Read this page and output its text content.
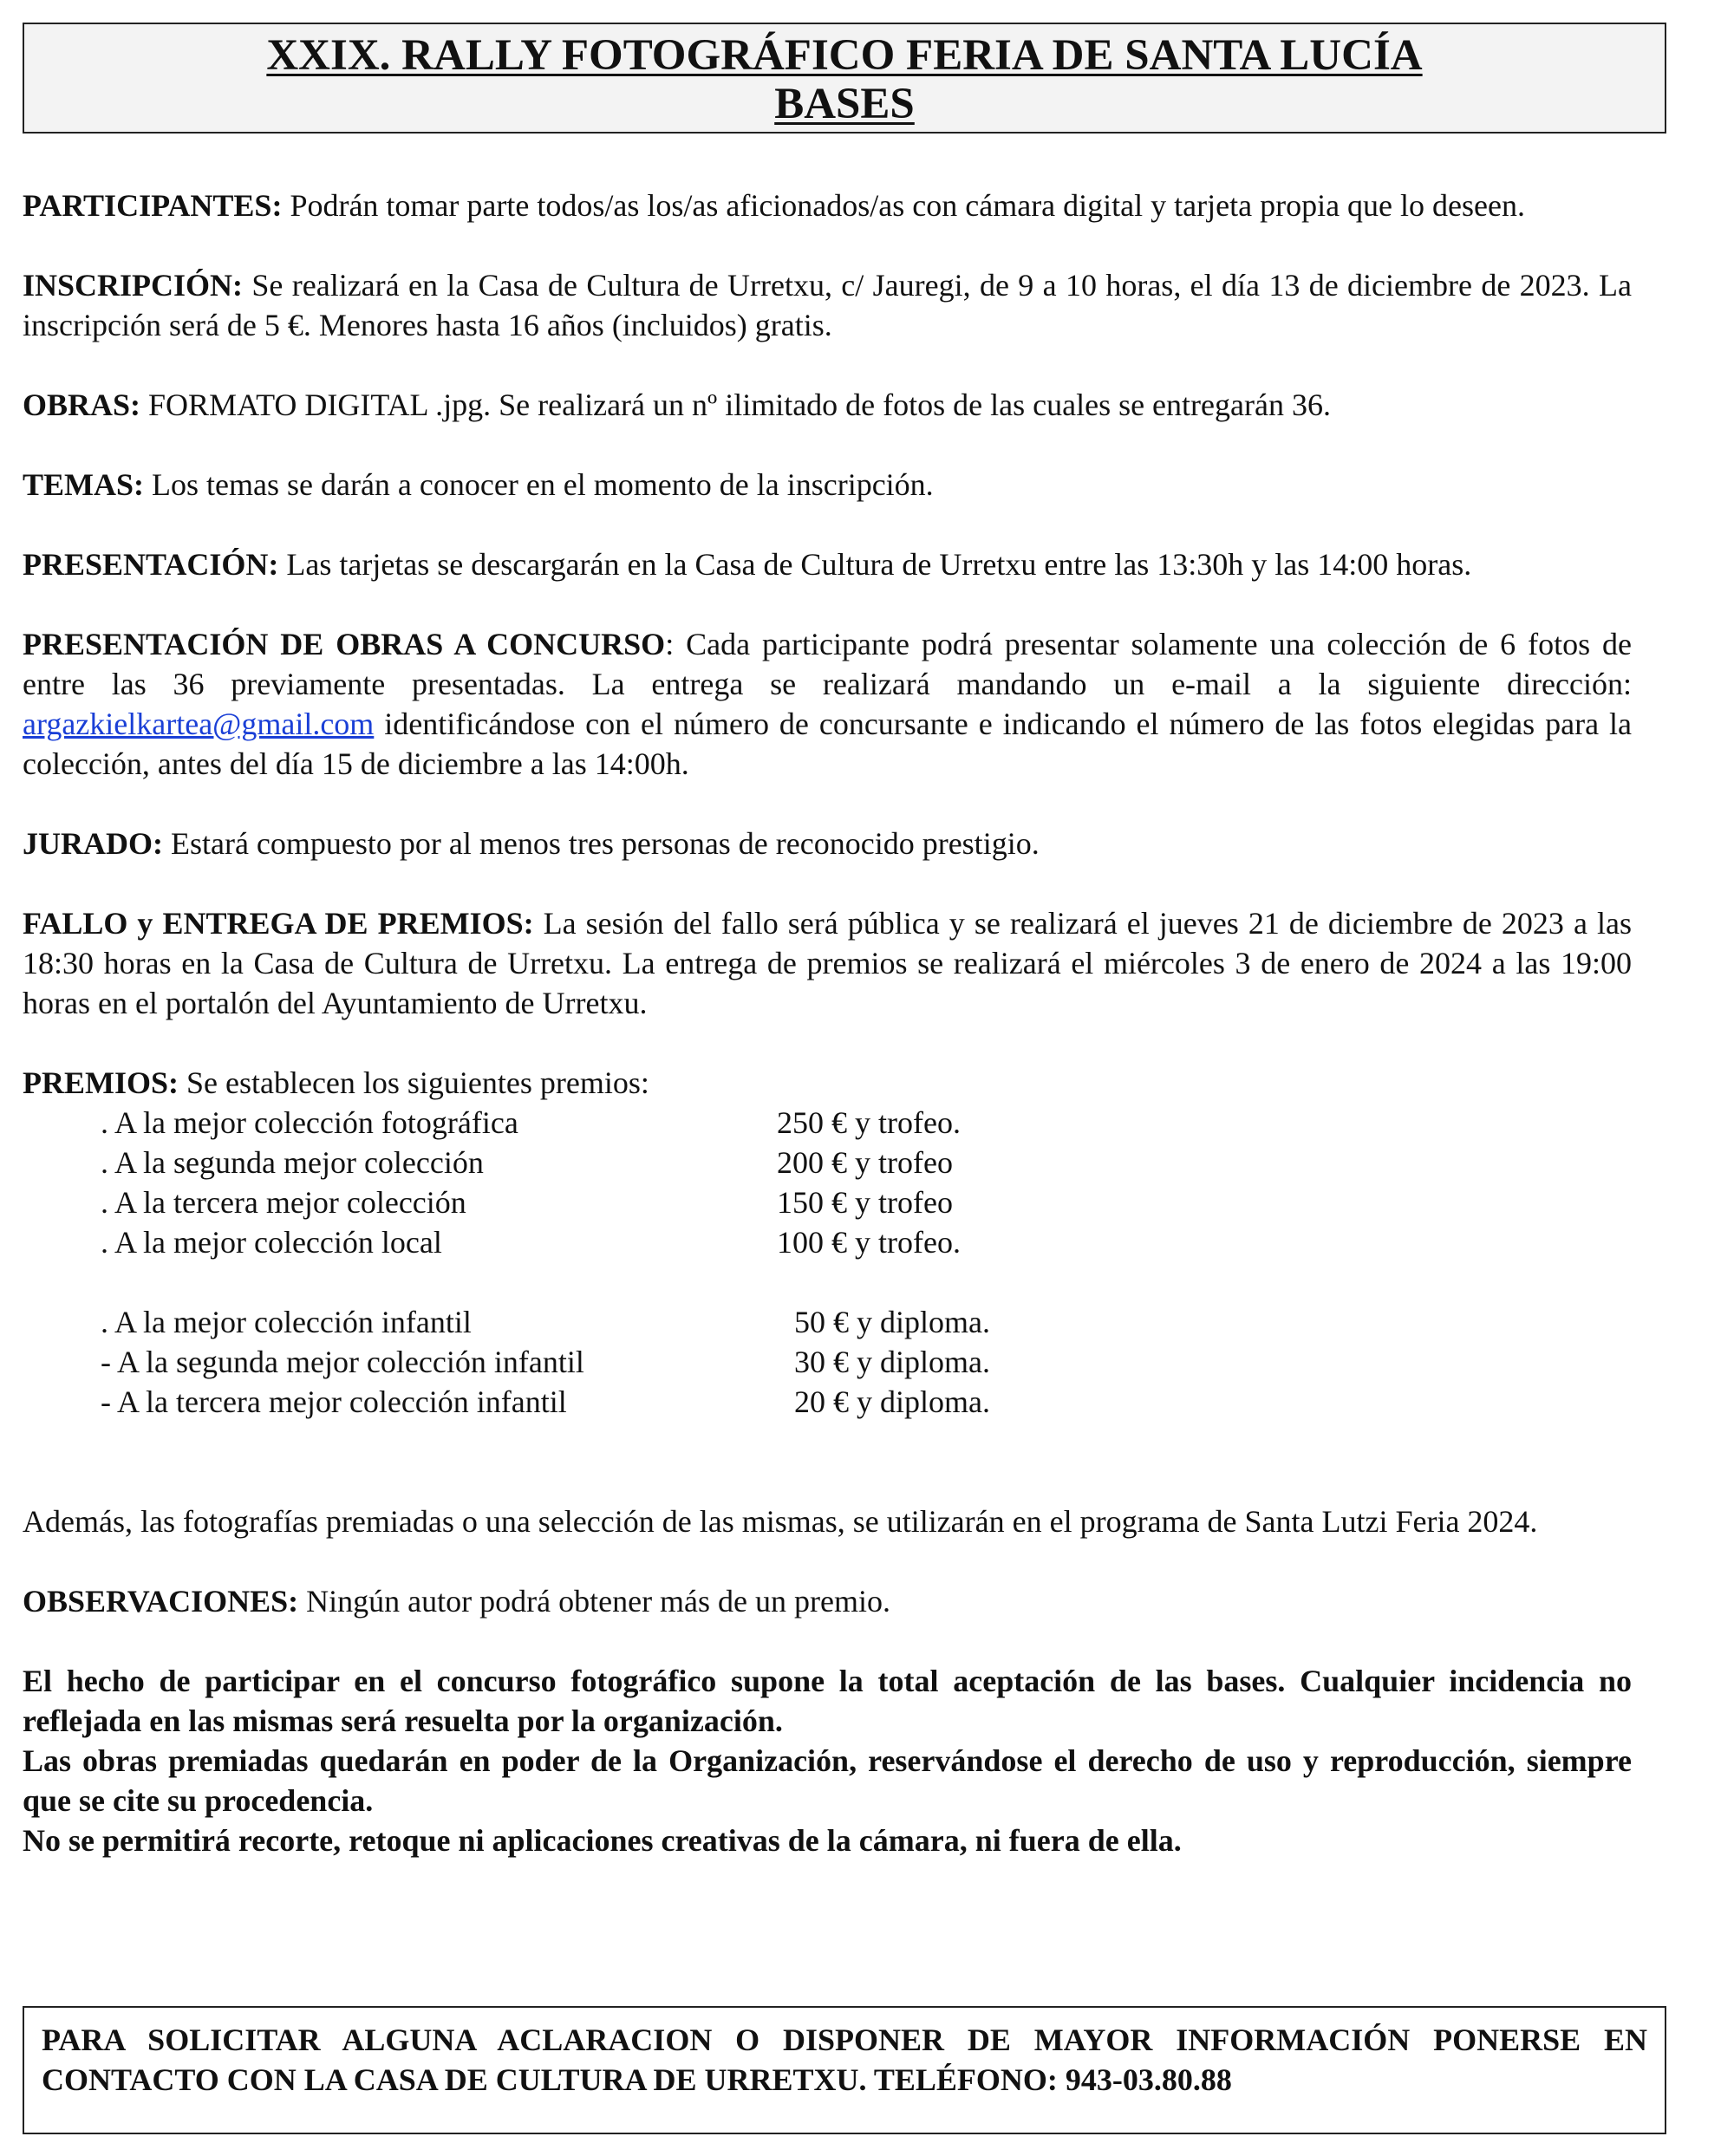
XXIX. RALLY FOTOGRÁFICO FERIA DE SANTA LUCÍA
BASES

PARTICIPANTES: Podrán tomar parte todos/as los/as aficionados/as con cámara digital y tarjeta propia que lo deseen.

INSCRIPCIÓN: Se realizará en la Casa de Cultura de Urretxu, c/ Jauregi, de 9 a 10 horas, el día 13 de diciembre de 2023. La inscripción será de 5 €. Menores hasta 16 años (incluidos) gratis.

OBRAS: FORMATO DIGITAL .jpg. Se realizará un nº ilimitado de fotos de las cuales se entregarán 36.

TEMAS: Los temas se darán a conocer en el momento de la inscripción.

PRESENTACIÓN: Las tarjetas se descargarán en la Casa de Cultura de Urretxu entre las 13:30h y las 14:00 horas.

PRESENTACIÓN DE OBRAS A CONCURSO: Cada participante podrá presentar solamente una colección de 6 fotos de entre las 36 previamente presentadas. La entrega se realizará mandando un e-mail a la siguiente dirección: argazkielkartea@gmail.com identificándose con el número de concursante e indicando el número de las fotos elegidas para la colección, antes del día 15 de diciembre a las 14:00h.

JURADO: Estará compuesto por al menos tres personas de reconocido prestigio.

FALLO y ENTREGA DE PREMIOS: La sesión del fallo será pública y se realizará el jueves 21 de diciembre de 2023 a las 18:30 horas en la Casa de Cultura de Urretxu. La entrega de premios se realizará el miércoles 3 de enero de 2024 a las 19:00 horas en el portalón del Ayuntamiento de Urretxu.

PREMIOS: Se establecen los siguientes premios:

. A la mejor colección fotográfica	250 € y trofeo.
. A la segunda mejor colección	200 € y trofeo
. A la tercera mejor colección	150 € y trofeo
. A la mejor colección local	100 € y trofeo.
. A la mejor colección infantil	50 € y diploma.
- A la segunda mejor colección infantil	30 € y diploma.
- A la tercera mejor colección infantil	20 € y diploma.

Además, las fotografías premiadas o una selección de las mismas, se utilizarán en el programa de Santa Lutzi Feria 2024.

OBSERVACIONES: Ningún autor podrá obtener más de un premio.

El hecho de participar en el concurso fotográfico supone la total aceptación de las bases. Cualquier incidencia no reflejada en las mismas será resuelta por la organización.

Las obras premiadas quedarán en poder de la Organización, reservándose el derecho de uso y reproducción, siempre que se cite su procedencia.

No se permitirá recorte, retoque ni aplicaciones creativas de la cámara, ni fuera de ella.

PARA SOLICITAR ALGUNA ACLARACION O DISPONER DE MAYOR INFORMACIÓN PONERSE EN CONTACTO CON LA CASA DE CULTURA DE URRETXU. TELÉFONO: 943-03.80.88
